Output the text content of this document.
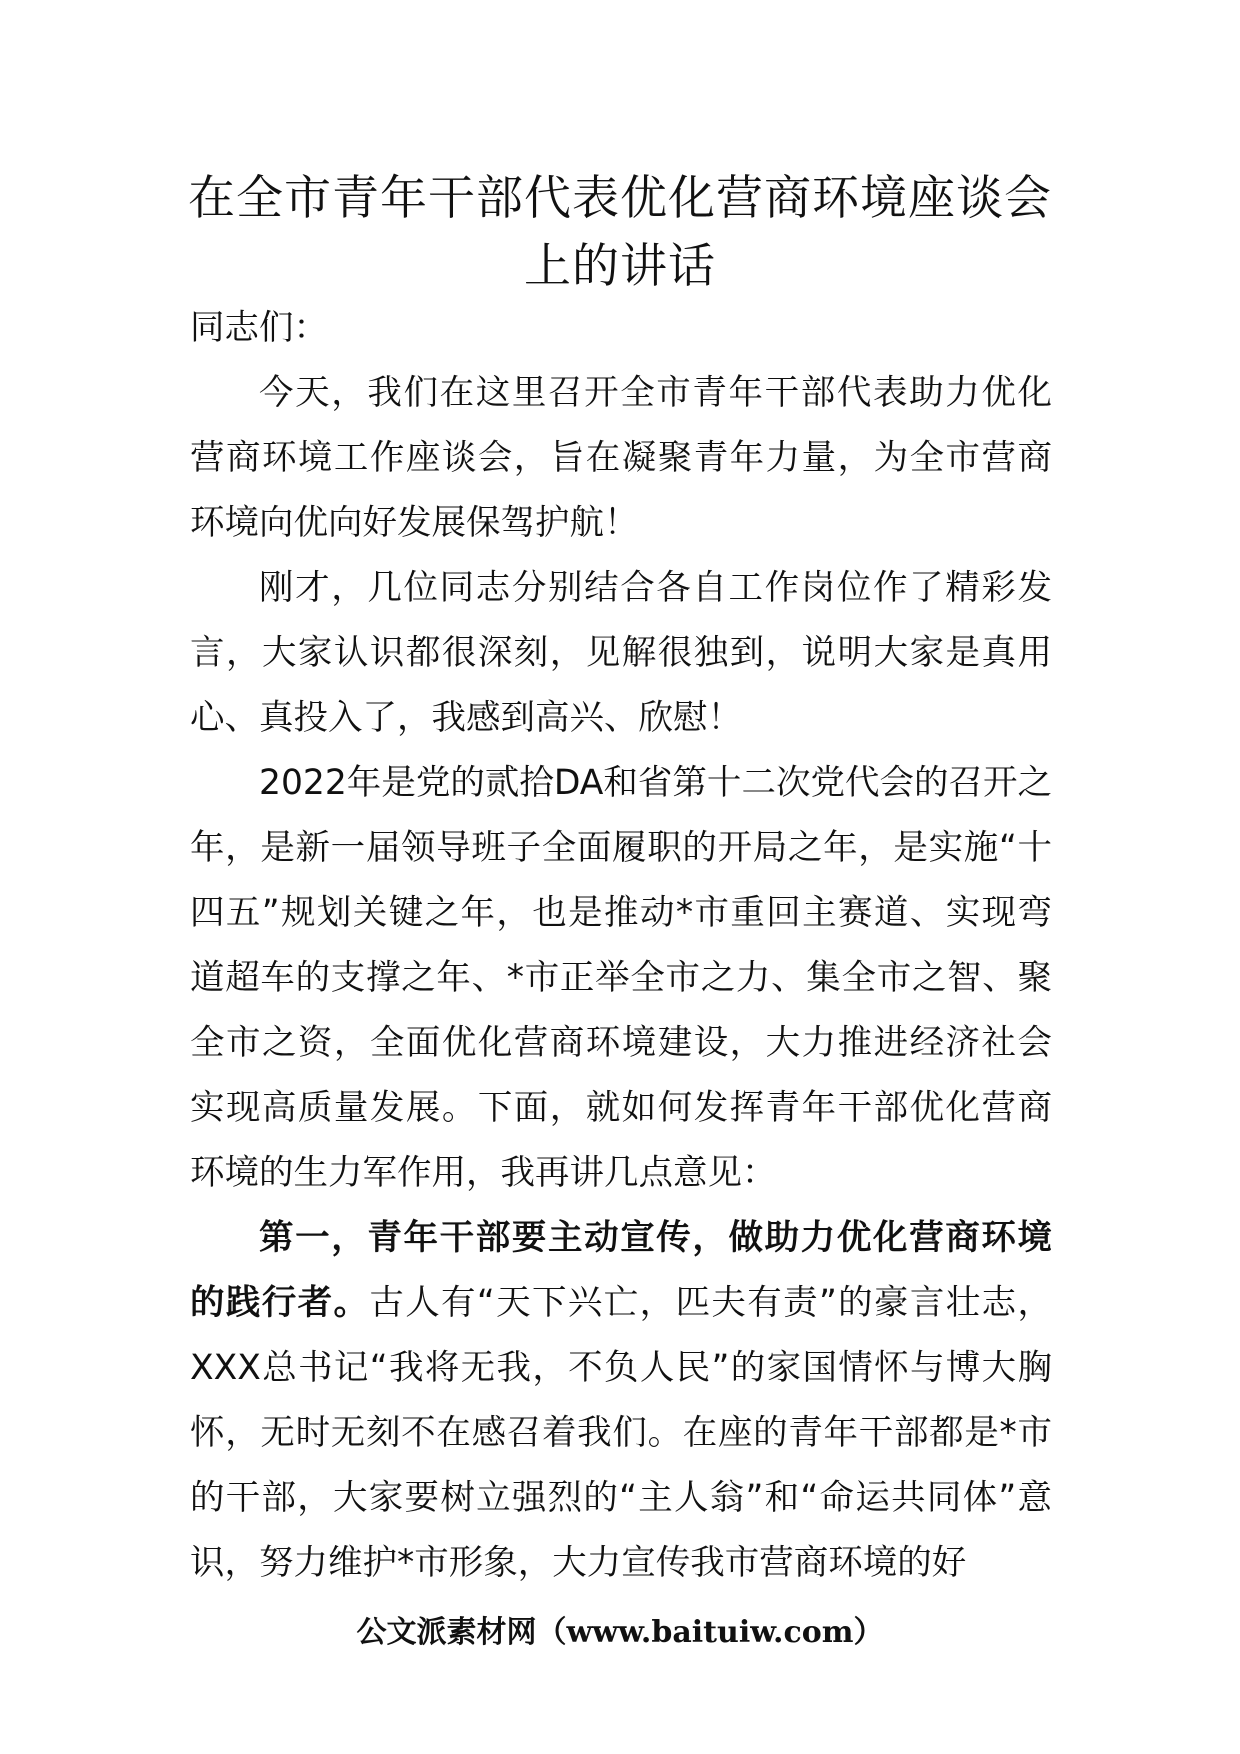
在全市青年干部代表优化营商环境座谈会
上的讲话

同志们：

今天，我们在这里召开全市青年干部代表助力优化营商环境工作座谈会，旨在凝聚青年力量，为全市营商环境向优向好发展保驾护航！

刚才，几位同志分别结合各自工作岗位作了精彩发言，大家认识都很深刻，见解很独到，说明大家是真用心、真投入了，我感到高兴、欣慰！

2022年是党的贰拾DA和省第十二次党代会的召开之年，是新一届领导班子全面履职的开局之年，是实施“十四五”规划关键之年，也是推动*市重回主赛道、实现弯道超车的支撑之年、*市正举全市之力、集全市之智、聚全市之资，全面优化营商环境建设，大力推进经济社会实现高质量发展。下面，就如何发挥青年干部优化营商环境的生力军作用，我再讲几点意见：

第一，青年干部要主动宣传，做助力优化营商环境的践行者。古人有“天下兴亡，匹夫有责”的豪言壮志，XXX总书记“我将无我，不负人民”的家国情怀与博大胸怀，无时无刻不在感召着我们。在座的青年干部都是*市的干部，大家要树立强烈的“主人翁”和“命运共同体”意识，努力维护*市形象，大力宣传我市营商环境的好

公文派素材网（www.baituiw.com）
